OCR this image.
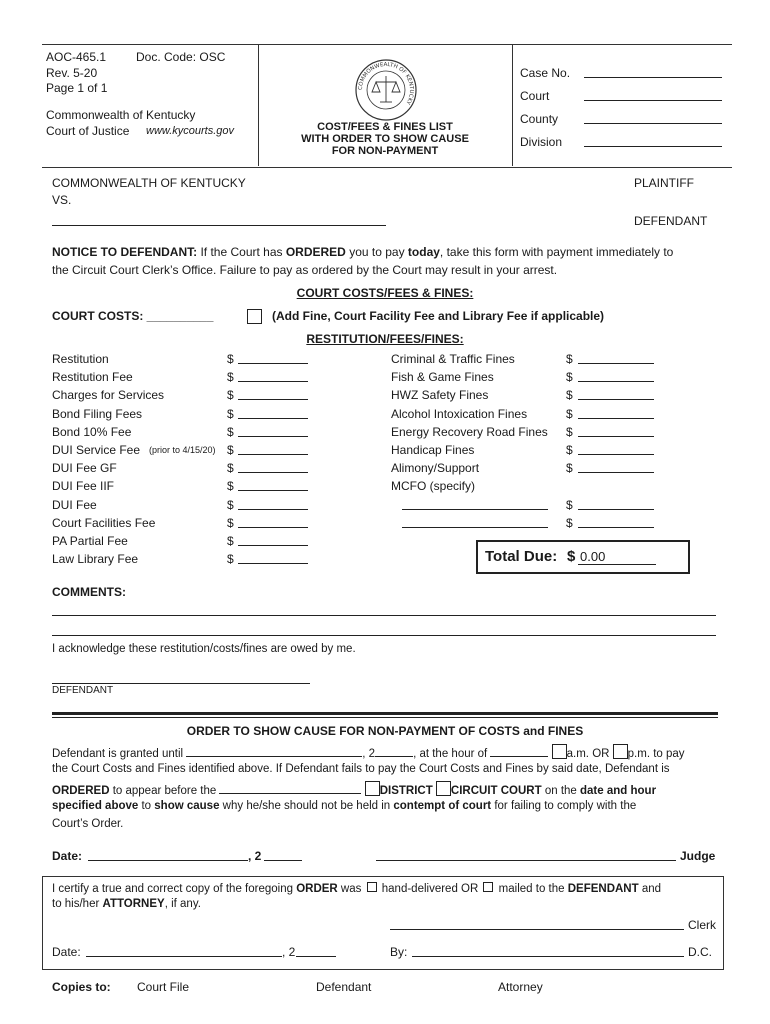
AOC-465.1 Doc. Code: OSC
Rev. 5-20
Page 1 of 1
Commonwealth of Kentucky
Court of Justice www.kycourts.gov
COMMONWEALTH OF KENTUCKY
COST/FEES & FINES LIST
WITH ORDER TO SHOW CAUSE
FOR NON-PAYMENT
Case No.
Court
County
Division
COMMONWEALTH OF KENTUCKY	PLAINTIFF
VS.
DEFENDANT
NOTICE TO DEFENDANT: If the Court has ORDERED you to pay today, take this form with payment immediately to
the Circuit Court Clerk’s Office. Failure to pay as ordered by the Court may result in your arrest.
COURT COSTS/FEES & FINES:
COURT COSTS: __________	(Add Fine, Court Facility Fee and Library Fee if applicable)
RESTITUTION/FEES/FINES:
Restitution	$
Restitution Fee	$
Charges for Services	$
Bond Filing Fees	$
Bond 10% Fee	$
DUI Service Fee (prior to 4/15/20) $
DUI Fee GF	$
DUI Fee IIF	$
DUI Fee	$
Court Facilities Fee	$
PA Partial Fee	$
Law Library Fee	$
Criminal & Traffic Fines	$
Fish & Game Fines	$
HWZ Safety Fines	$
Alcohol Intoxication Fines	$
Energy Recovery Road Fines $
Handicap Fines	$
Alimony/Support	$
MCFO (specify)
$
$
Total Due: $ 0.00
COMMENTS:
I acknowledge these restitution/costs/fines are owed by me.
DEFENDANT
ORDER TO SHOW CAUSE FOR NON-PAYMENT OF COSTS and FINES
Defendant is granted until	, 2	, at the hour of	a.m. OR p.m. to pay
the Court Costs and Fines identified above. If Defendant fails to pay the Court Costs and Fines by said date, Defendant is
ORDERED to appear before the	DISTRICT CIRCUIT COURT on the date and hour
specified above to show cause why he/she should not be held in contempt of court for failing to comply with the
Court’s Order.
Date:	, 2	Judge
I certify a true and correct copy of the foregoing ORDER was  hand-delivered OR  mailed to the DEFENDANT and
to his/her ATTORNEY, if any.
Clerk
Date:	, 2	By:	D.C.
Copies to: Court File	Defendant	Attorney
